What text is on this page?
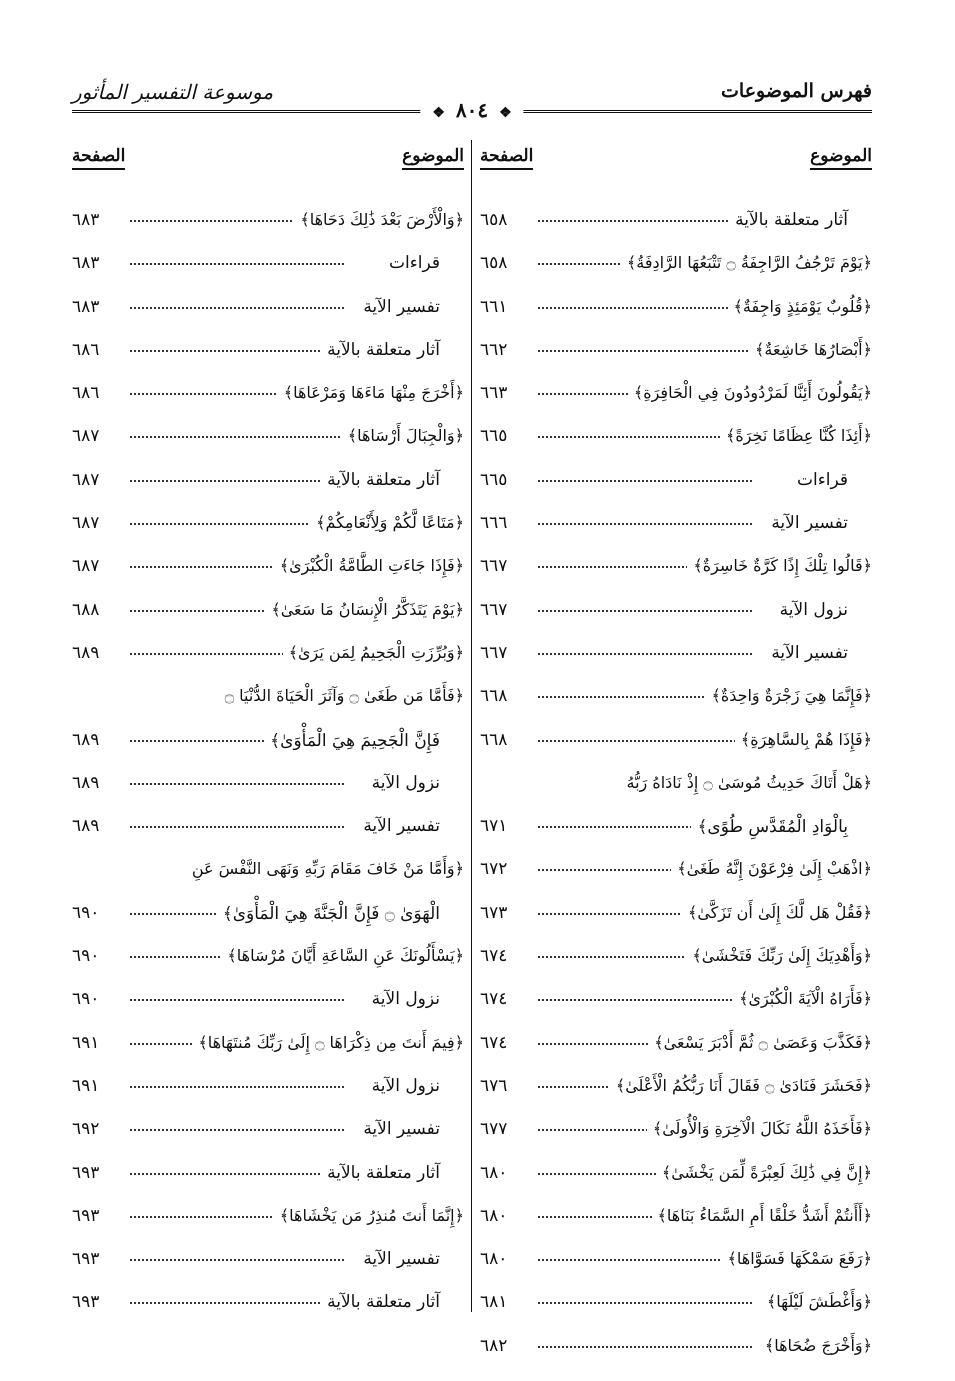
فهرس الموضوعات
موسوعة التفسير المأثور
❖ ٨٠٤ ❖
الموضوع
الصفحة
آثار متعلقة بالآية
٦٥٨
﴿يَوْمَ تَرْجُفُ الرَّاجِفَةُ ۝ تَتْبَعُهَا الرَّادِفَةُ﴾
٦٥٨
﴿قُلُوبٌ يَوْمَئِذٍ وَاجِفَةٌ﴾
٦٦١
﴿أَبْصَارُهَا خَاشِعَةٌ﴾
٦٦٢
﴿يَقُولُونَ أَئِنَّا لَمَرْدُودُونَ فِي الْحَافِرَةِ﴾
٦٦٣
﴿أَئِذَا كُنَّا عِظَامًا نَخِرَةً﴾
٦٦٥
قراءات
٦٦٥
تفسير الآية
٦٦٦
﴿قَالُوا تِلْكَ إِذًا كَرَّةٌ خَاسِرَةٌ﴾
٦٦٧
نزول الآية
٦٦٧
تفسير الآية
٦٦٧
﴿فَإِنَّمَا هِيَ زَجْرَةٌ وَاحِدَةٌ﴾
٦٦٨
﴿فَإِذَا هُمْ بِالسَّاهِرَةِ﴾
٦٦٨
﴿هَلْ أَتَاكَ حَدِيثُ مُوسَىٰ ۝ إِذْ نَادَاهُ رَبُّهُ
بِالْوَادِ الْمُقَدَّسِ طُوًى﴾
٦٧١
﴿اذْهَبْ إِلَىٰ فِرْعَوْنَ إِنَّهُ طَغَىٰ﴾
٦٧٢
﴿فَقُلْ هَل لَّكَ إِلَىٰ أَن تَزَكَّىٰ﴾
٦٧٣
﴿وَأَهْدِيَكَ إِلَىٰ رَبِّكَ فَتَخْشَىٰ﴾
٦٧٤
﴿فَأَرَاهُ الْآيَةَ الْكُبْرَىٰ﴾
٦٧٤
﴿فَكَذَّبَ وَعَصَىٰ ۝ ثُمَّ أَدْبَرَ يَسْعَىٰ﴾
٦٧٤
﴿فَحَشَرَ فَنَادَىٰ ۝ فَقَالَ أَنَا رَبُّكُمُ الْأَعْلَىٰ﴾
٦٧٦
﴿فَأَخَذَهُ اللَّهُ نَكَالَ الْآخِرَةِ وَالْأُولَىٰ﴾
٦٧٧
﴿إِنَّ فِي ذَٰلِكَ لَعِبْرَةً لِّمَن يَخْشَىٰ﴾
٦٨٠
﴿أَأَنتُمْ أَشَدُّ خَلْقًا أَمِ السَّمَاءُ بَنَاهَا﴾
٦٨٠
﴿رَفَعَ سَمْكَهَا فَسَوَّاهَا﴾
٦٨٠
﴿وَأَغْطَشَ لَيْلَهَا﴾
٦٨١
﴿وَأَخْرَجَ ضُحَاهَا﴾
٦٨٢
الموضوع
الصفحة
﴿وَالْأَرْضَ بَعْدَ ذَٰلِكَ دَحَاهَا﴾
٦٨٣
قراءات
٦٨٣
تفسير الآية
٦٨٣
آثار متعلقة بالآية
٦٨٦
﴿أَخْرَجَ مِنْهَا مَاءَهَا وَمَرْعَاهَا﴾
٦٨٦
﴿وَالْجِبَالَ أَرْسَاهَا﴾
٦٨٧
آثار متعلقة بالآية
٦٨٧
﴿مَتَاعًا لَّكُمْ وَلِأَنْعَامِكُمْ﴾
٦٨٧
﴿فَإِذَا جَاءَتِ الطَّامَّةُ الْكُبْرَىٰ﴾
٦٨٧
﴿يَوْمَ يَتَذَكَّرُ الْإِنسَانُ مَا سَعَىٰ﴾
٦٨٨
﴿وَبُرِّزَتِ الْجَحِيمُ لِمَن يَرَىٰ﴾
٦٨٩
﴿فَأَمَّا مَن طَغَىٰ ۝ وَآثَرَ الْحَيَاةَ الدُّنْيَا ۝
فَإِنَّ الْجَحِيمَ هِيَ الْمَأْوَىٰ﴾
٦٨٩
نزول الآية
٦٨٩
تفسير الآية
٦٨٩
﴿وَأَمَّا مَنْ خَافَ مَقَامَ رَبِّهِ وَنَهَى النَّفْسَ عَنِ
الْهَوَىٰ ۝ فَإِنَّ الْجَنَّةَ هِيَ الْمَأْوَىٰ﴾
٦٩٠
﴿يَسْأَلُونَكَ عَنِ السَّاعَةِ أَيَّانَ مُرْسَاهَا﴾
٦٩٠
نزول الآية
٦٩٠
﴿فِيمَ أَنتَ مِن ذِكْرَاهَا ۝ إِلَىٰ رَبِّكَ مُنتَهَاهَا﴾
٦٩١
نزول الآية
٦٩١
تفسير الآية
٦٩٢
آثار متعلقة بالآية
٦٩٣
﴿إِنَّمَا أَنتَ مُنذِرُ مَن يَخْشَاهَا﴾
٦٩٣
تفسير الآية
٦٩٣
آثار متعلقة بالآية
٦٩٣
